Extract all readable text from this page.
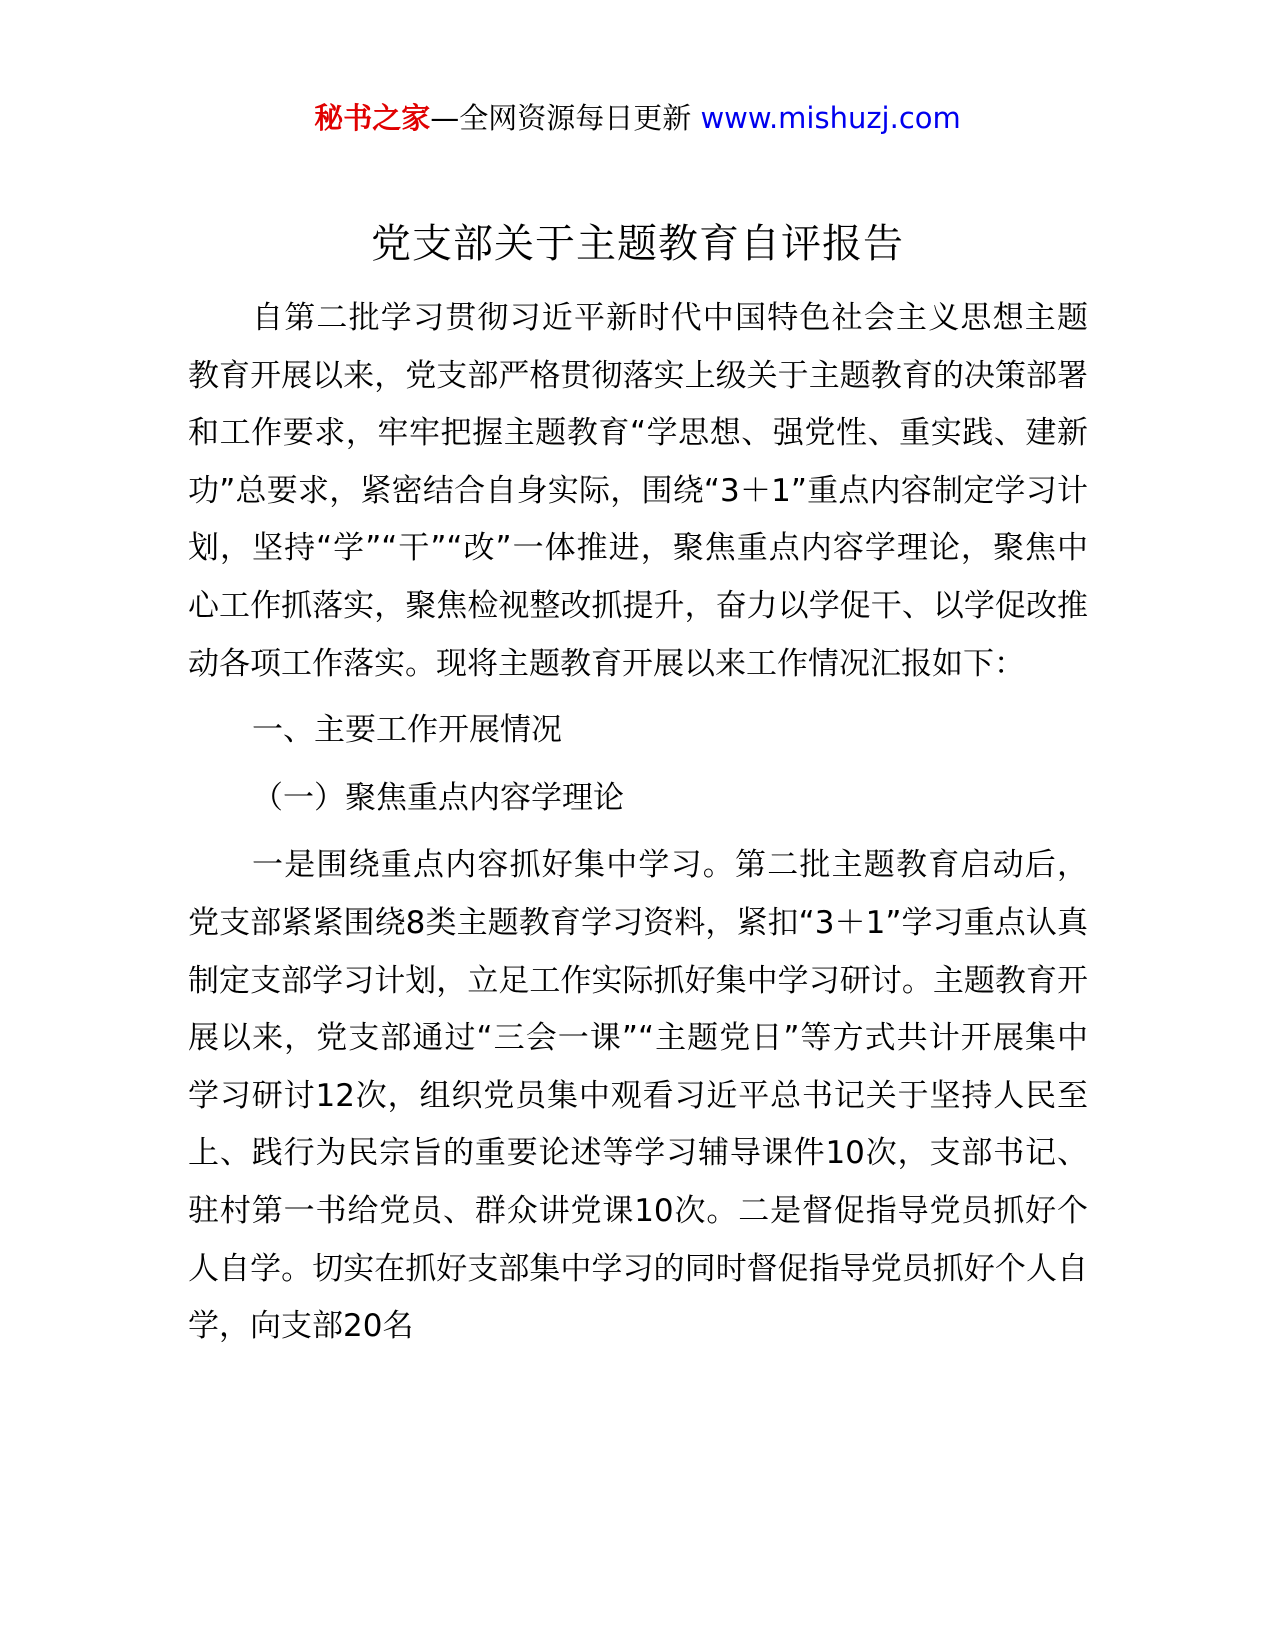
秘书之家—全网资源每日更新 www.mishuzj.com
党支部关于主题教育自评报告

自第二批学习贯彻习近平新时代中国特色社会主义思想主题教育开展以来，党支部严格贯彻落实上级关于主题教育的决策部署和工作要求，牢牢把握主题教育“学思想、强党性、重实践、建新功”总要求，紧密结合自身实际，围绕“3＋1”重点内容制定学习计划，坚持“学”“干”“改”一体推进，聚焦重点内容学理论，聚焦中心工作抓落实，聚焦检视整改抓提升，奋力以学促干、以学促改推动各项工作落实。现将主题教育开展以来工作情况汇报如下：

一、主要工作开展情况

（一）聚焦重点内容学理论

一是围绕重点内容抓好集中学习。第二批主题教育启动后，党支部紧紧围绕8类主题教育学习资料，紧扣“3＋1”学习重点认真制定支部学习计划，立足工作实际抓好集中学习研讨。主题教育开展以来，党支部通过“三会一课”“主题党日”等方式共计开展集中学习研讨12次，组织党员集中观看习近平总书记关于坚持人民至上、践行为民宗旨的重要论述等学习辅导课件10次，支部书记、驻村第一书给党员、群众讲党课10次。二是督促指导党员抓好个人自学。切实在抓好支部集中学习的同时督促指导党员抓好个人自学，向支部20名
